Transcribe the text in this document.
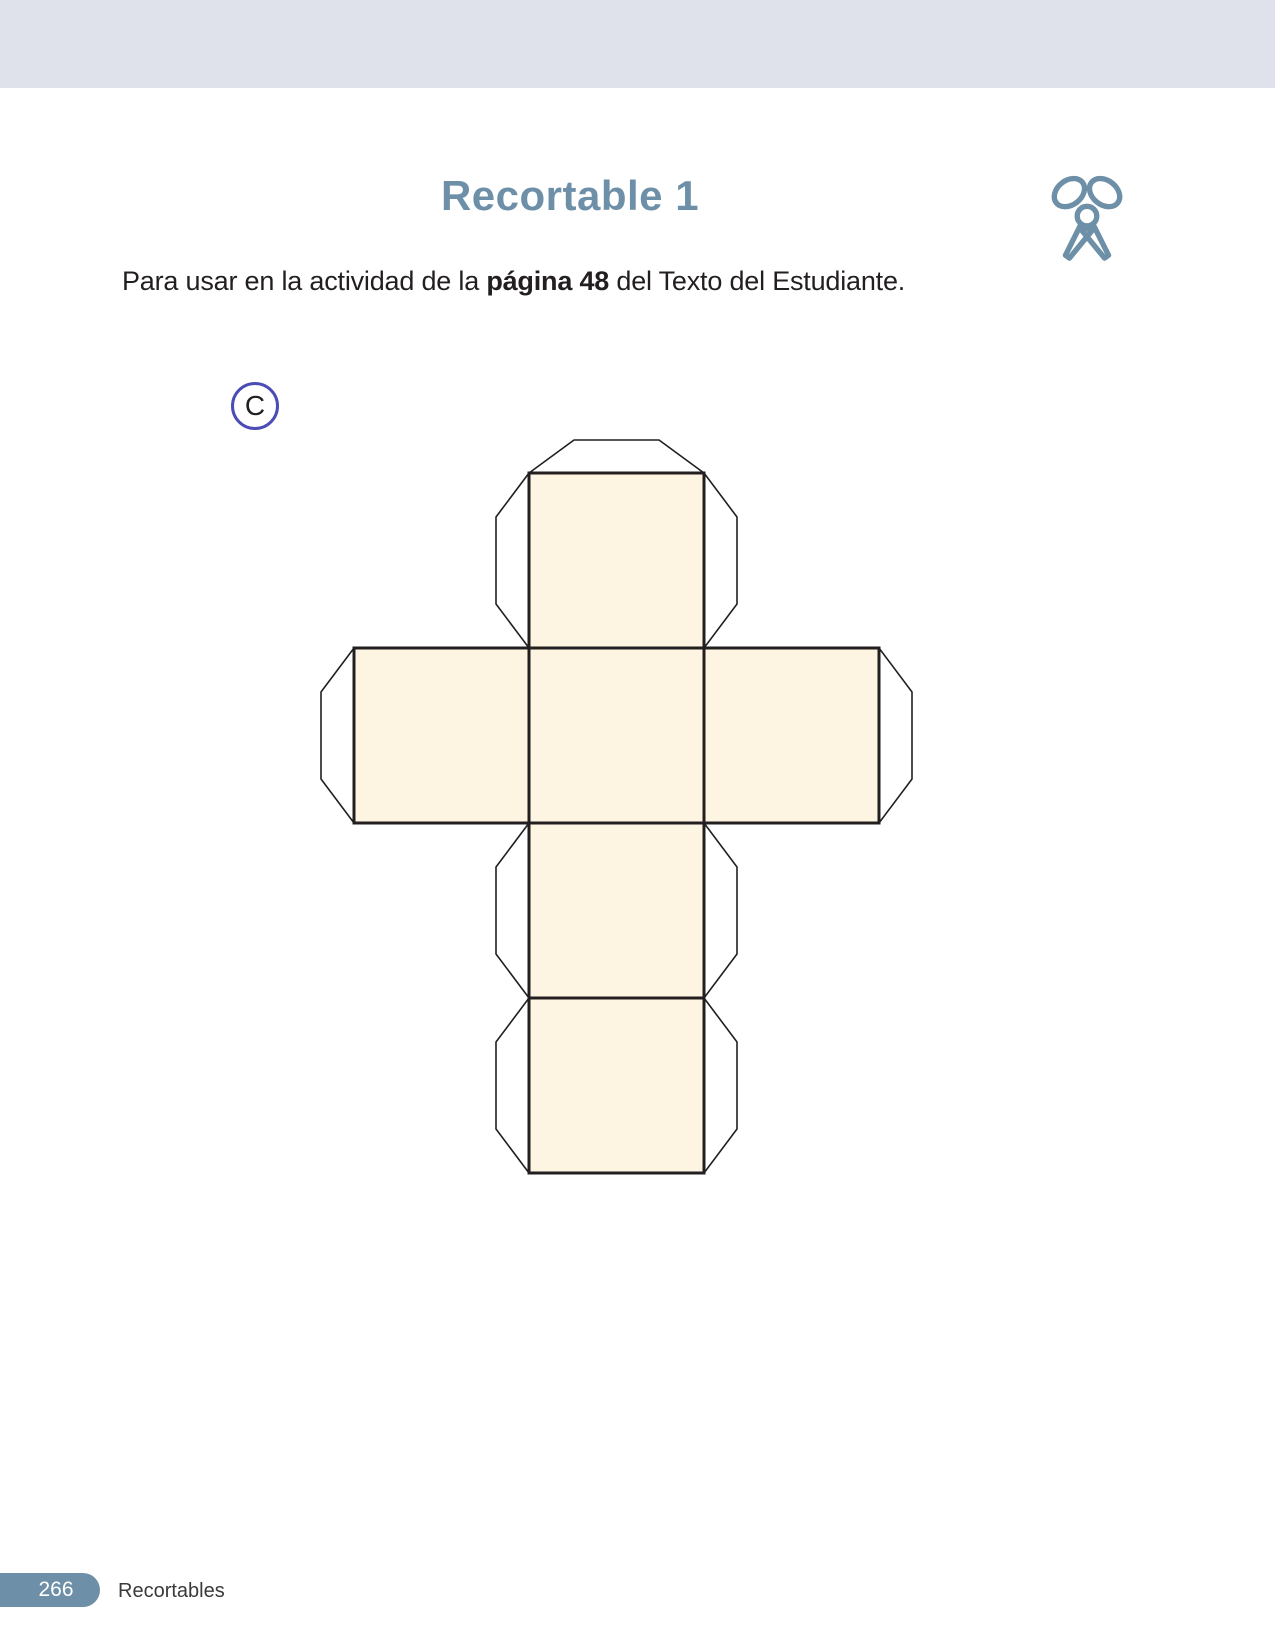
Recortable 1

Para usar en la actividad de la página 48 del Texto del Estudiante.

C
266 Recortables
